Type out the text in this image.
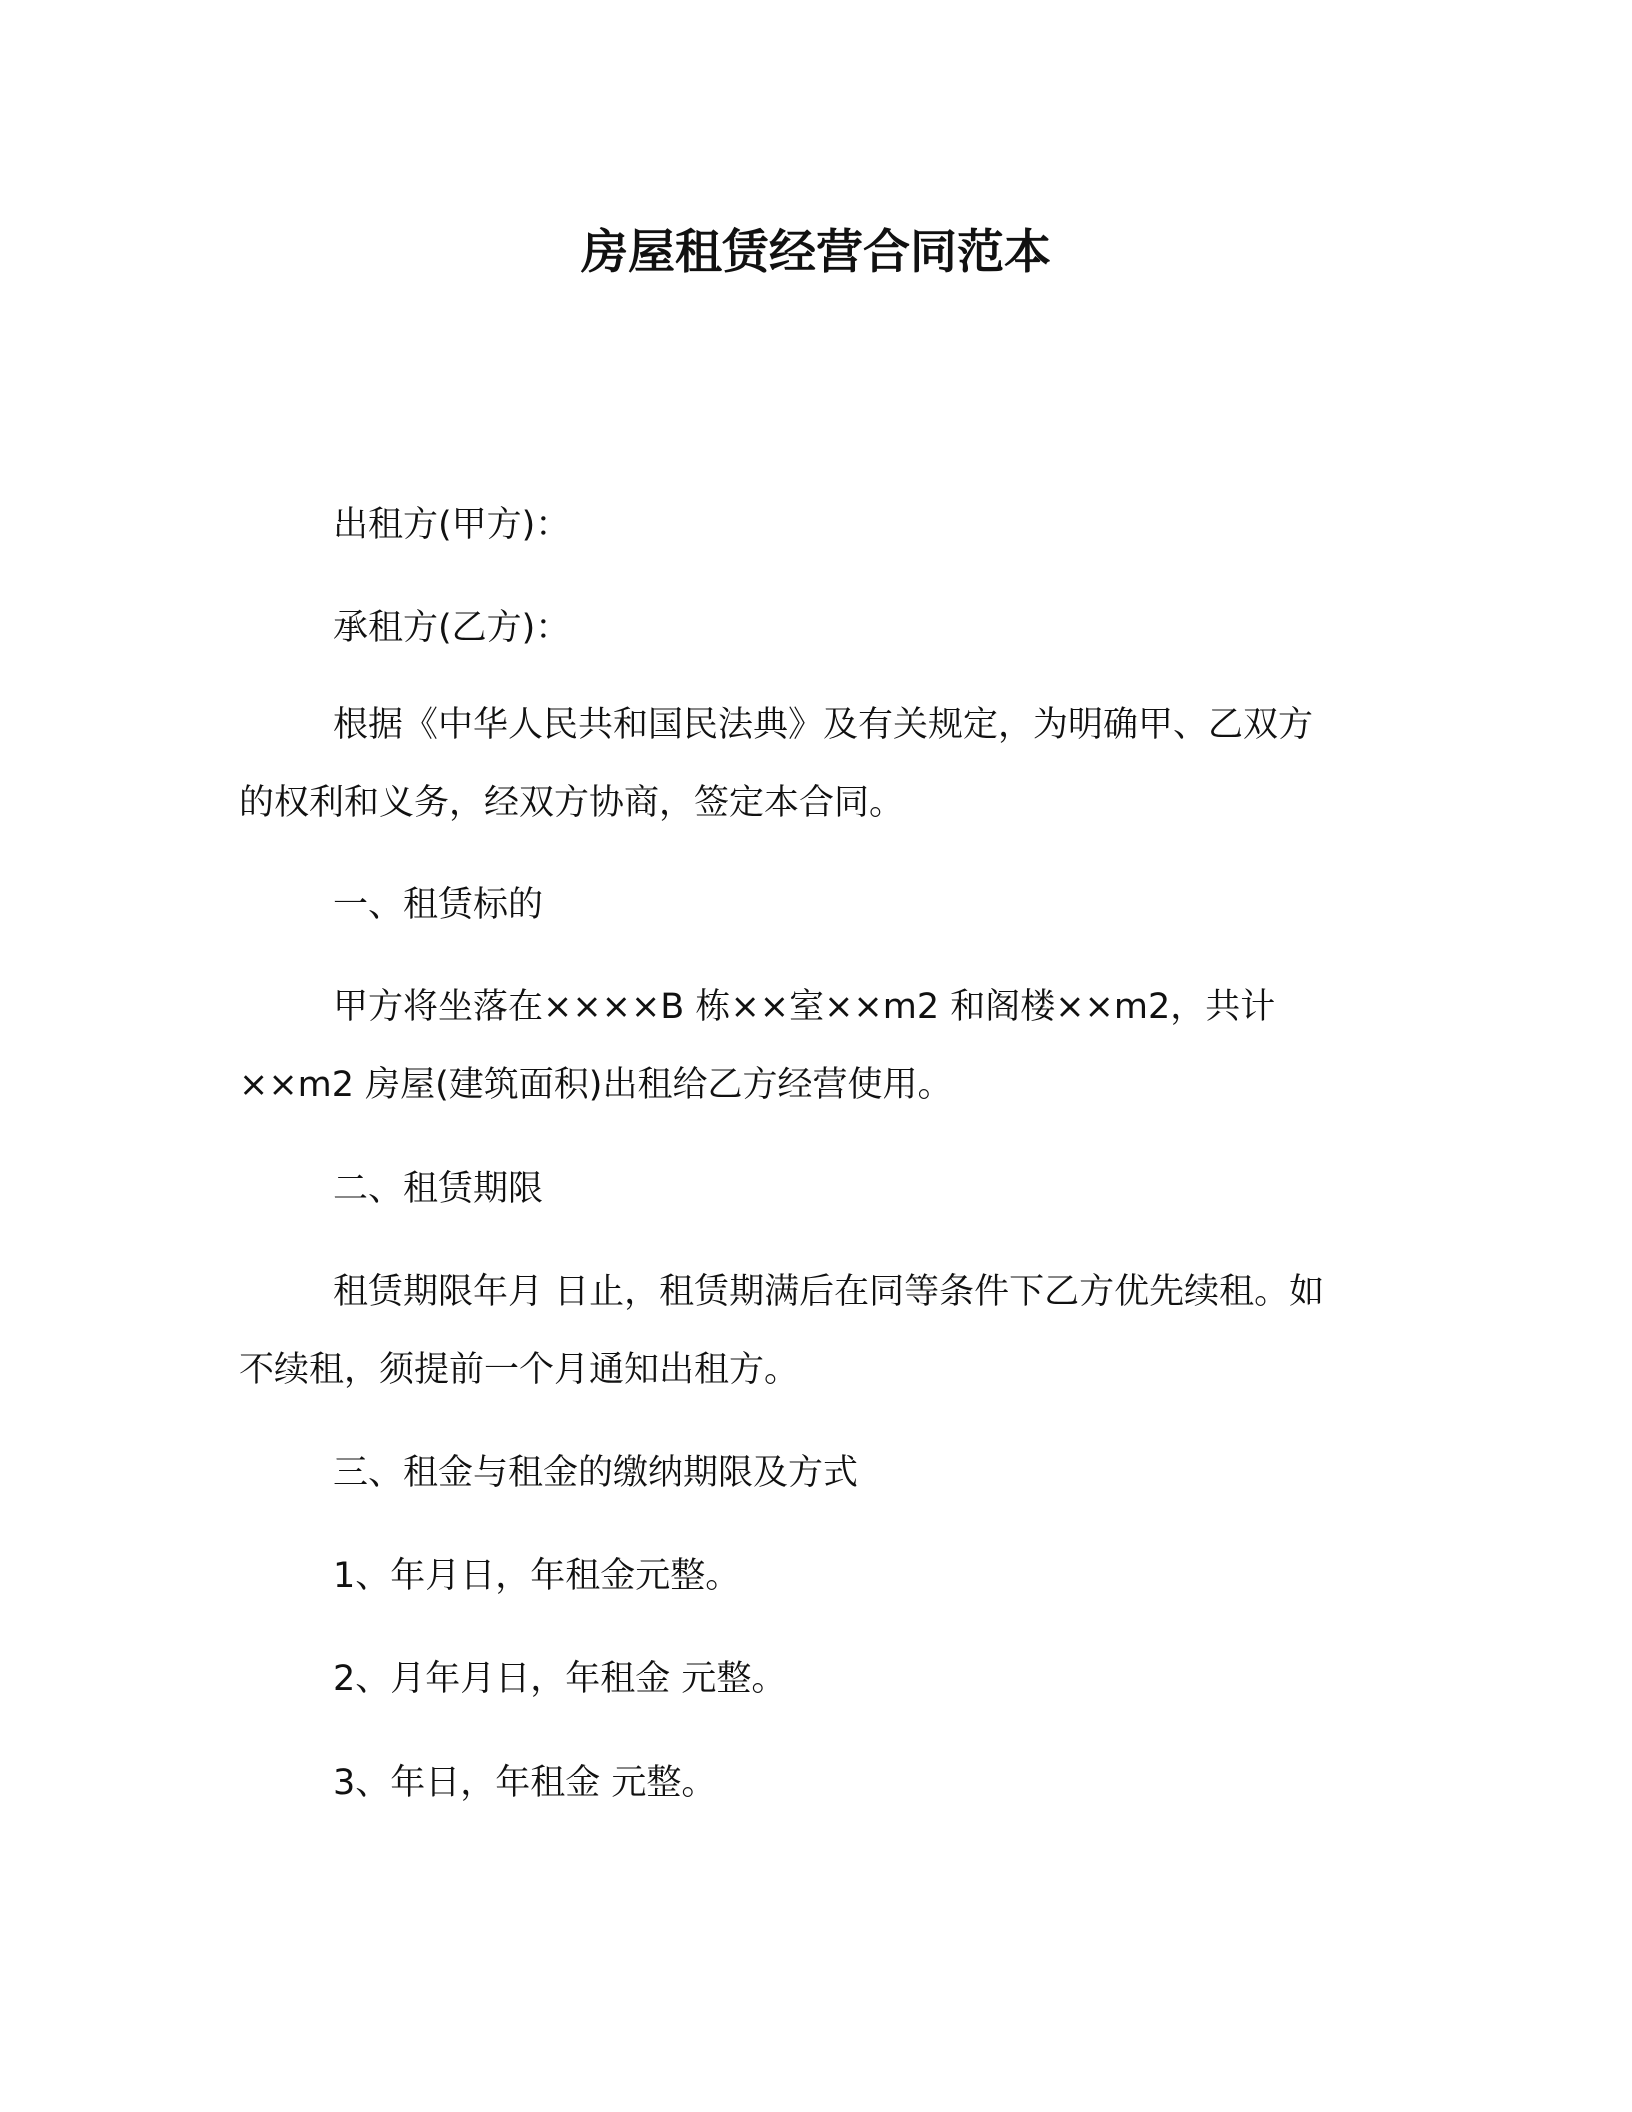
房屋租赁经营合同范本
出租方(甲方)：
承租方(乙方)：
根据《中华人民共和国民法典》及有关规定，为明确甲、乙双方
的权利和义务，经双方协商，签定本合同。
一、租赁标的
甲方将坐落在××××B 栋××室××m2 和阁楼××m2，共计
××m2 房屋(建筑面积)出租给乙方经营使用。
二、租赁期限
租赁期限年月 日止，租赁期满后在同等条件下乙方优先续租。如
不续租，须提前一个月通知出租方。
三、租金与租金的缴纳期限及方式
1、年月日，年租金元整。
2、月年月日，年租金 元整。
3、年日，年租金 元整。
